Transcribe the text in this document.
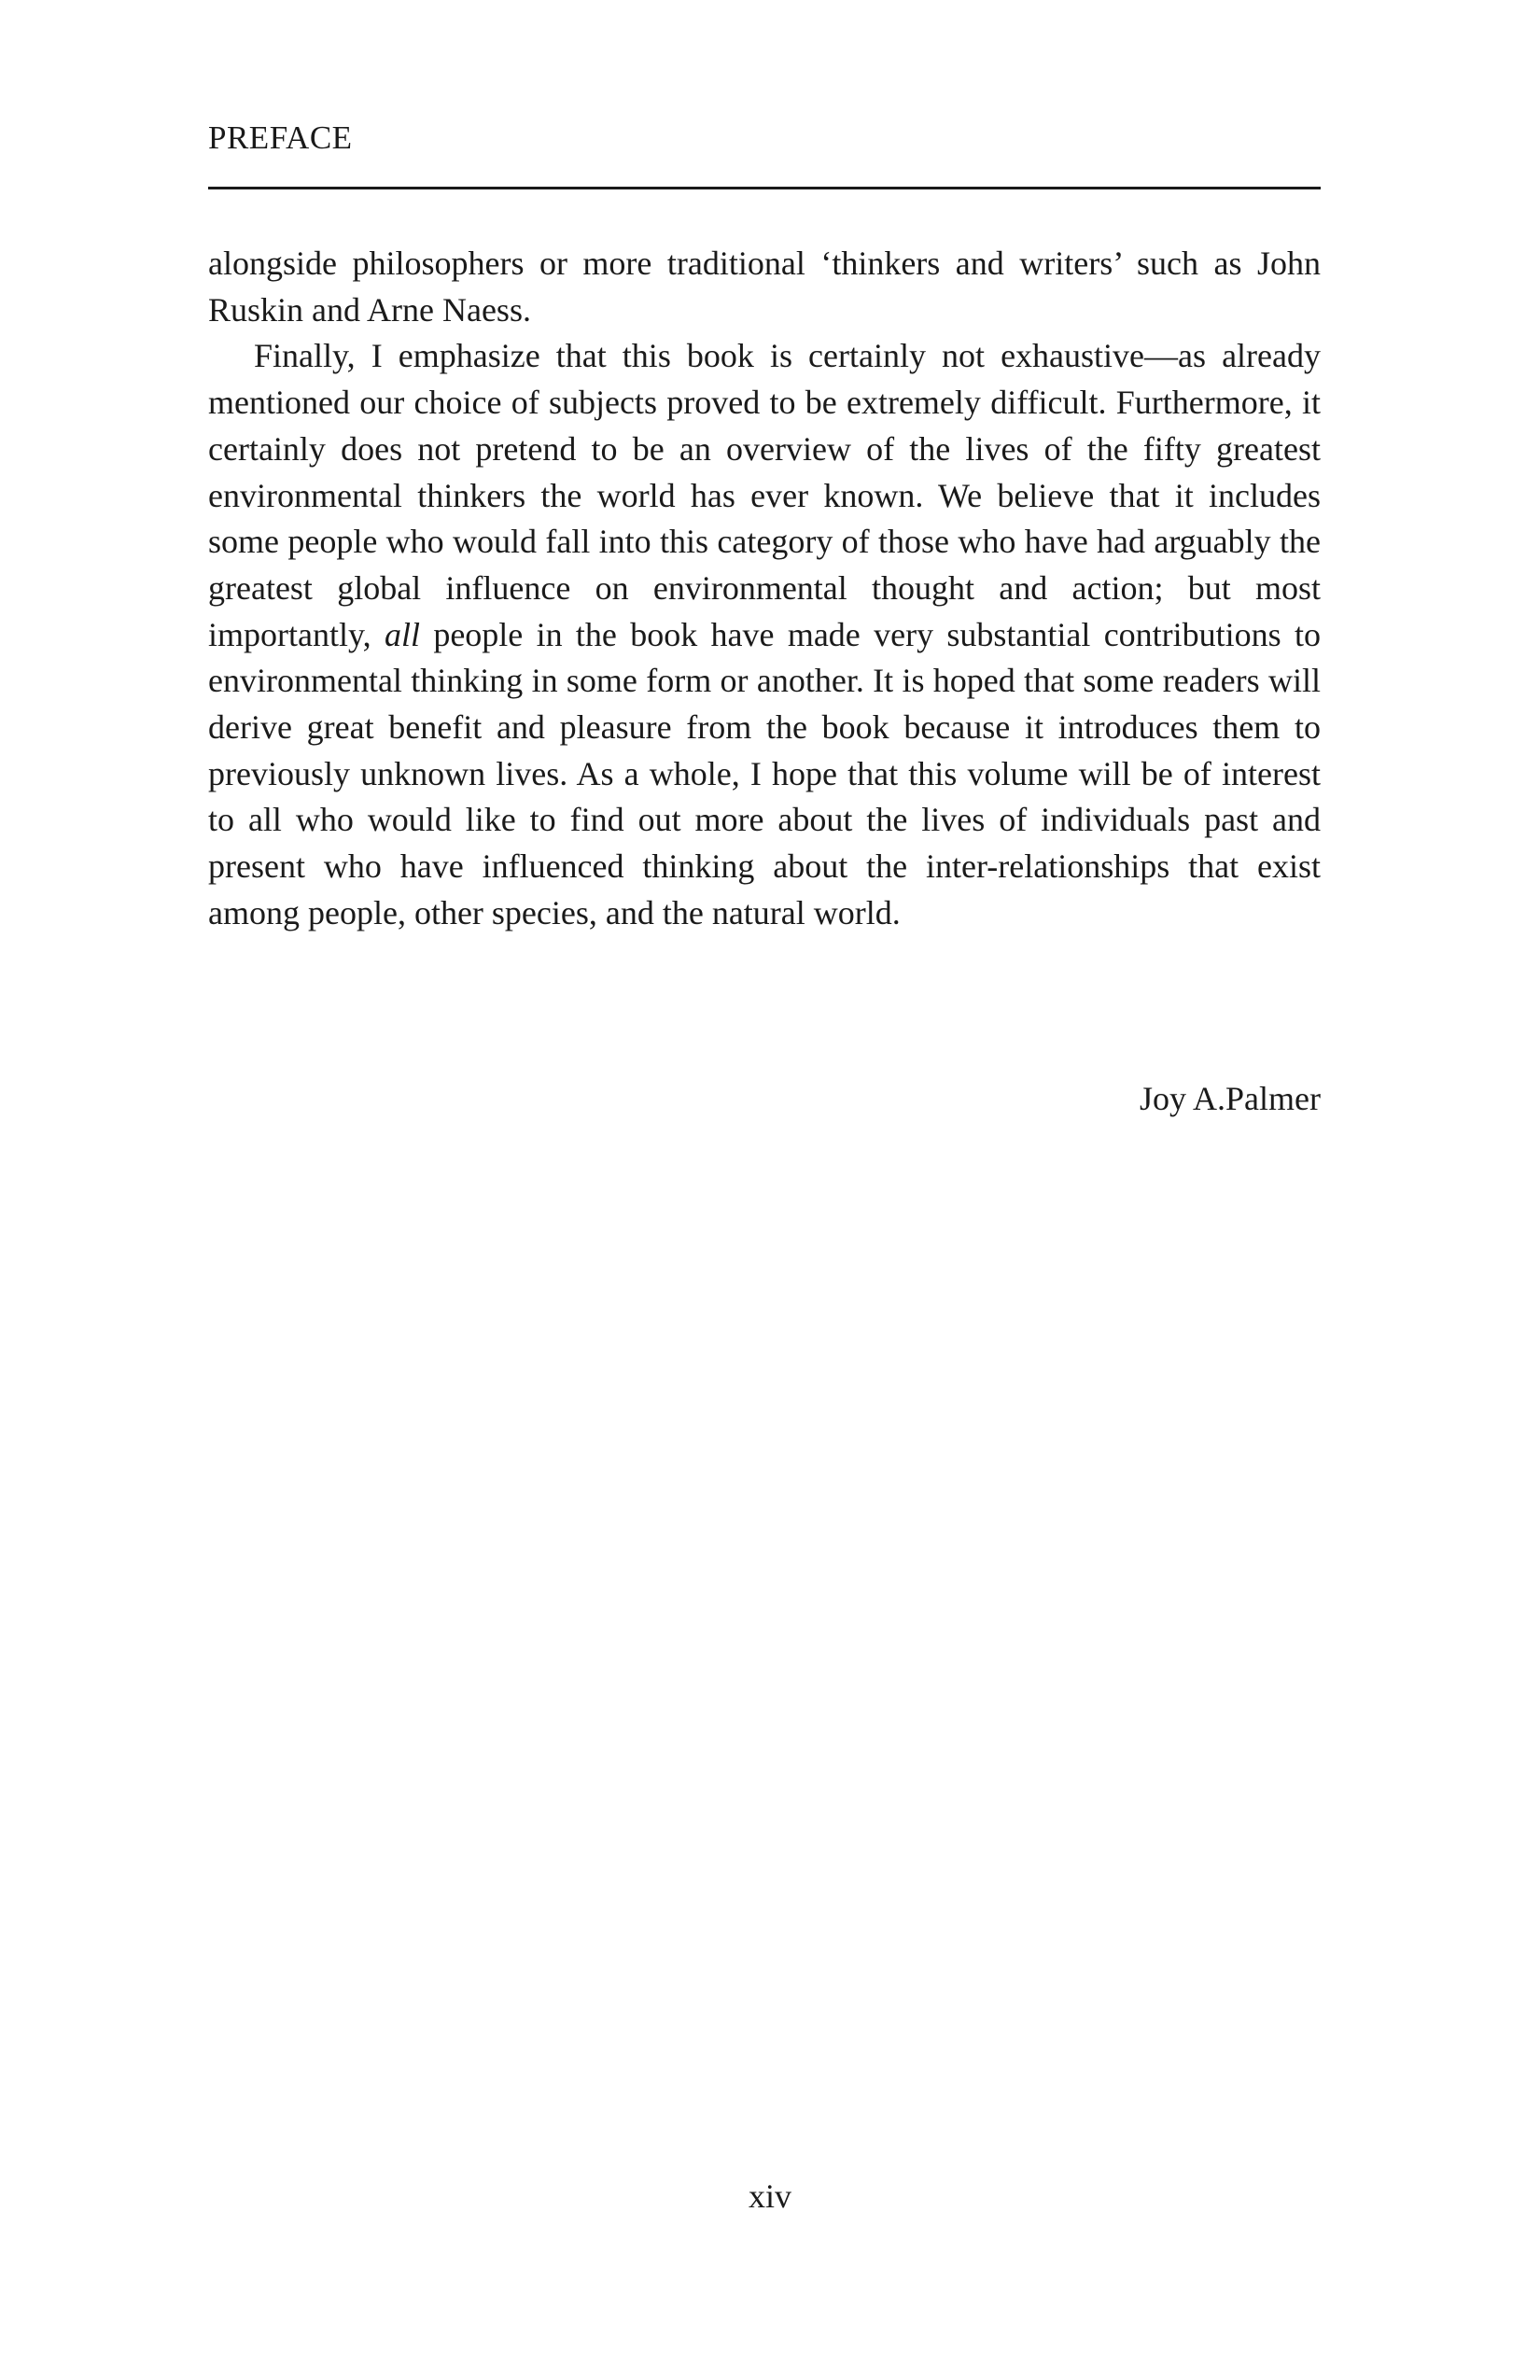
PREFACE

alongside philosophers or more traditional ‘thinkers and writers’ such as John Ruskin and Arne Naess.

Finally, I emphasize that this book is certainly not exhaustive—as already mentioned our choice of subjects proved to be extremely difficult. Furthermore, it certainly does not pretend to be an overview of the lives of the fifty greatest environmental thinkers the world has ever known. We believe that it includes some people who would fall into this category of those who have had arguably the greatest global influence on environmental thought and action; but most importantly, all people in the book have made very substantial contributions to environmental thinking in some form or another. It is hoped that some readers will derive great benefit and pleasure from the book because it introduces them to previously unknown lives. As a whole, I hope that this volume will be of interest to all who would like to find out more about the lives of individuals past and present who have influenced thinking about the inter-relationships that exist among people, other species, and the natural world.

Joy A.Palmer
xiv
